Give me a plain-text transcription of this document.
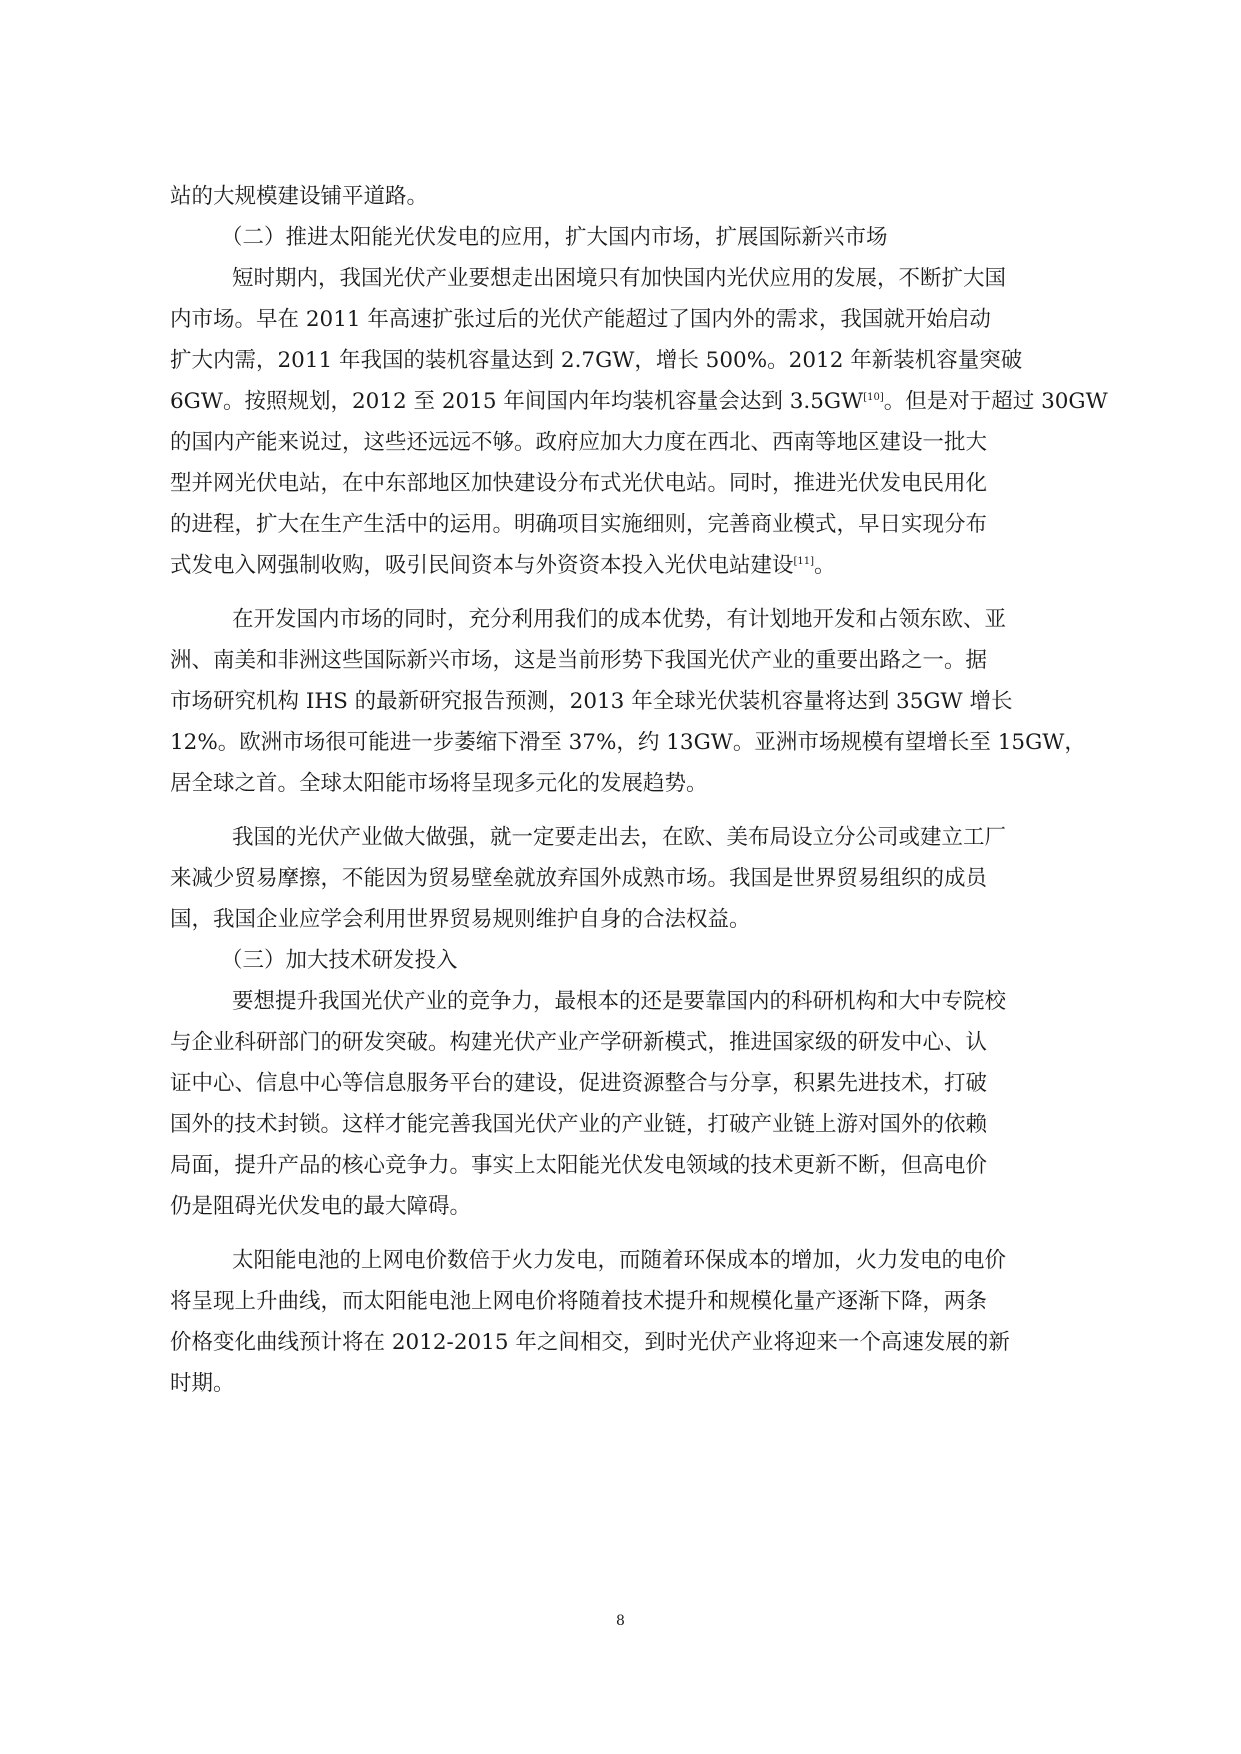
站的大规模建设铺平道路。
（二）推进太阳能光伏发电的应用，扩大国内市场，扩展国际新兴市场
短时期内，我国光伏产业要想走出困境只有加快国内光伏应用的发展，不断扩大国
内市场。早在 2011 年高速扩张过后的光伏产能超过了国内外的需求，我国就开始启动
扩大内需，2011 年我国的装机容量达到 2.7GW，增长 500%。2012 年新装机容量突破
6GW。按照规划，2012 至 2015 年间国内年均装机容量会达到 3.5GW[10]。但是对于超过 30GW
的国内产能来说过，这些还远远不够。政府应加大力度在西北、西南等地区建设一批大
型并网光伏电站，在中东部地区加快建设分布式光伏电站。同时，推进光伏发电民用化
的进程，扩大在生产生活中的运用。明确项目实施细则，完善商业模式，早日实现分布
式发电入网强制收购，吸引民间资本与外资资本投入光伏电站建设[11]。
在开发国内市场的同时，充分利用我们的成本优势，有计划地开发和占领东欧、亚
洲、南美和非洲这些国际新兴市场，这是当前形势下我国光伏产业的重要出路之一。据
市场研究机构 IHS 的最新研究报告预测，2013 年全球光伏装机容量将达到 35GW 增长
12%。欧洲市场很可能进一步萎缩下滑至 37%，约 13GW。亚洲市场规模有望增长至 15GW，
居全球之首。全球太阳能市场将呈现多元化的发展趋势。
我国的光伏产业做大做强，就一定要走出去，在欧、美布局设立分公司或建立工厂
来减少贸易摩擦，不能因为贸易壁垒就放弃国外成熟市场。我国是世界贸易组织的成员
国，我国企业应学会利用世界贸易规则维护自身的合法权益。
（三）加大技术研发投入
要想提升我国光伏产业的竞争力，最根本的还是要靠国内的科研机构和大中专院校
与企业科研部门的研发突破。构建光伏产业产学研新模式，推进国家级的研发中心、认
证中心、信息中心等信息服务平台的建设，促进资源整合与分享，积累先进技术，打破
国外的技术封锁。这样才能完善我国光伏产业的产业链，打破产业链上游对国外的依赖
局面，提升产品的核心竞争力。事实上太阳能光伏发电领域的技术更新不断，但高电价
仍是阻碍光伏发电的最大障碍。
太阳能电池的上网电价数倍于火力发电，而随着环保成本的增加，火力发电的电价
将呈现上升曲线，而太阳能电池上网电价将随着技术提升和规模化量产逐渐下降，两条
价格变化曲线预计将在 2012-2015 年之间相交，到时光伏产业将迎来一个高速发展的新
时期。
8
